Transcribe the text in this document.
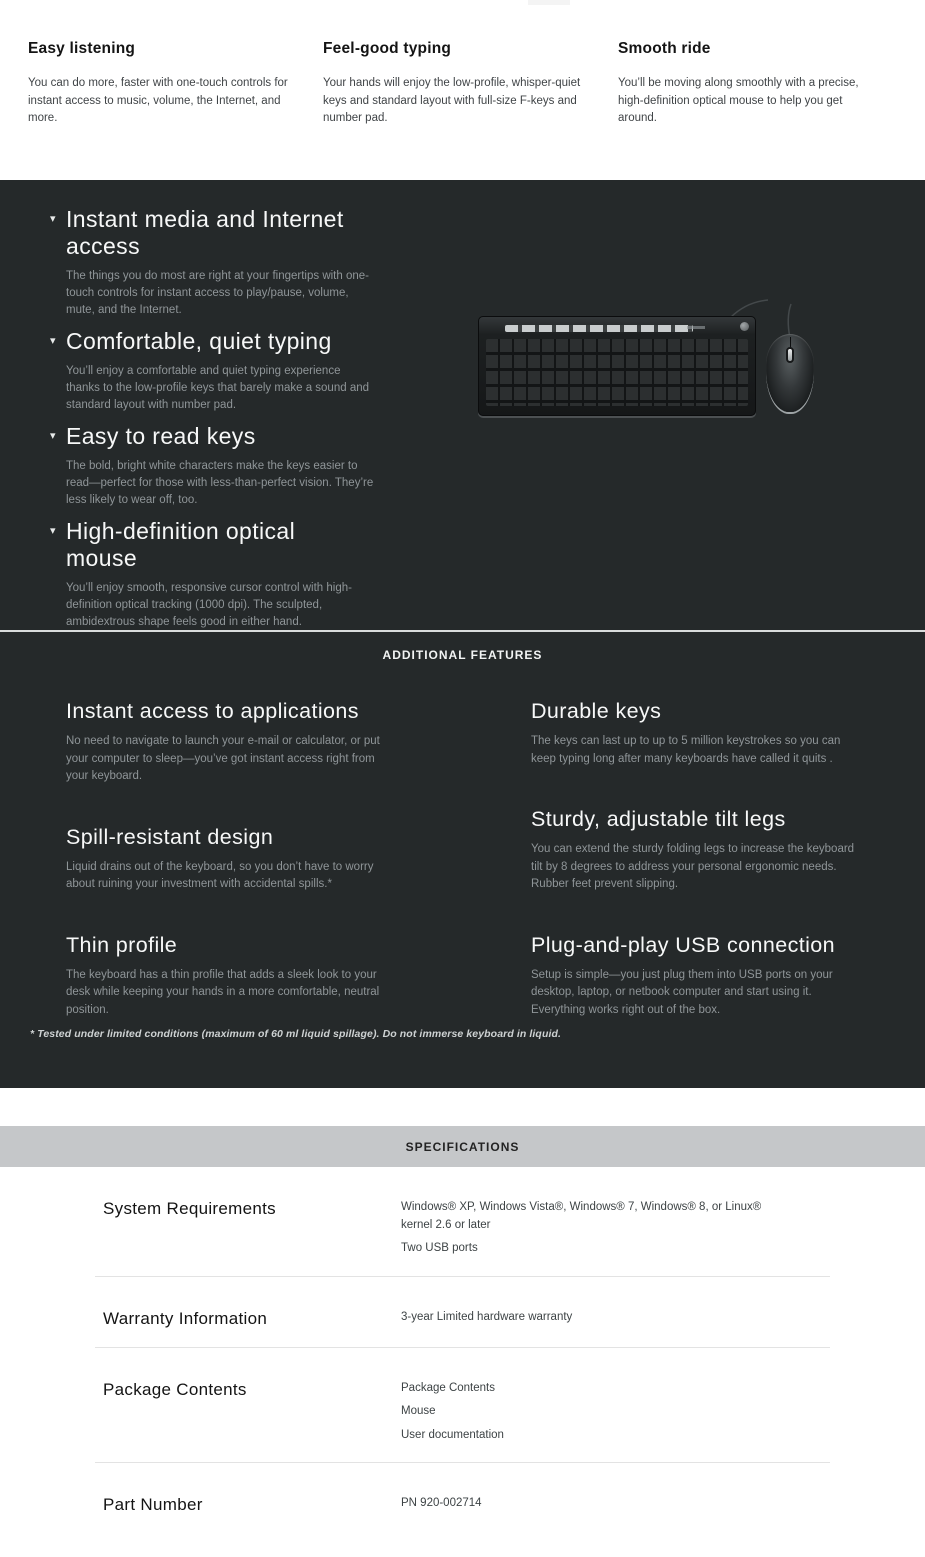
Easy listening

You can do more, faster with one-touch controls for instant access to music, volume, the Internet, and more.

Feel-good typing

Your hands will enjoy the low-profile, whisper-quiet keys and standard layout with full-size F-keys and number pad.

Smooth ride

You’ll be moving along smoothly with a precise, high-definition optical mouse to help you get around.

▾ Instant media and Internet access

The things you do most are right at your fingertips with one-touch controls for instant access to play/pause, volume, mute, and the Internet.

▾ Comfortable, quiet typing

You’ll enjoy a comfortable and quiet typing experience thanks to the low-profile keys that barely make a sound and standard layout with number pad.

▾ Easy to read keys

The bold, bright white characters make the keys easier to read—perfect for those with less-than-perfect vision. They’re less likely to wear off, too.

▾ High-definition optical mouse

You’ll enjoy smooth, responsive cursor control with high-definition optical tracking (1000 dpi). The sculpted, ambidextrous shape feels good in either hand.

ADDITIONAL FEATURES
Instant access to applications

No need to navigate to launch your e-mail or calculator, or put your computer to sleep—you’ve got instant access right from your keyboard.

Spill-resistant design

Liquid drains out of the keyboard, so you don’t have to worry about ruining your investment with accidental spills.*

Thin profile

The keyboard has a thin profile that adds a sleek look to your desk while keeping your hands in a more comfortable, neutral position.

Durable keys

The keys can last up to up to 5 million keystrokes so you can keep typing long after many keyboards have called it quits .

Sturdy, adjustable tilt legs

You can extend the sturdy folding legs to increase the keyboard tilt by 8 degrees to address your personal ergonomic needs. Rubber feet prevent slipping.

Plug-and-play USB connection

Setup is simple—you just plug them into USB ports on your desktop, laptop, or netbook computer and start using it. Everything works right out of the box.

* Tested under limited conditions (maximum of 60 ml liquid spillage). Do not immerse keyboard in liquid.

SPECIFICATIONS
System Requirements	Windows® XP, Windows Vista®, Windows® 7, Windows® 8, or Linux® kernel 2.6 or later

Two USB ports

Warranty Information	3-year Limited hardware warranty

Package Contents	Package Contents

Mouse

User documentation

Part Number	PN 920-002714
